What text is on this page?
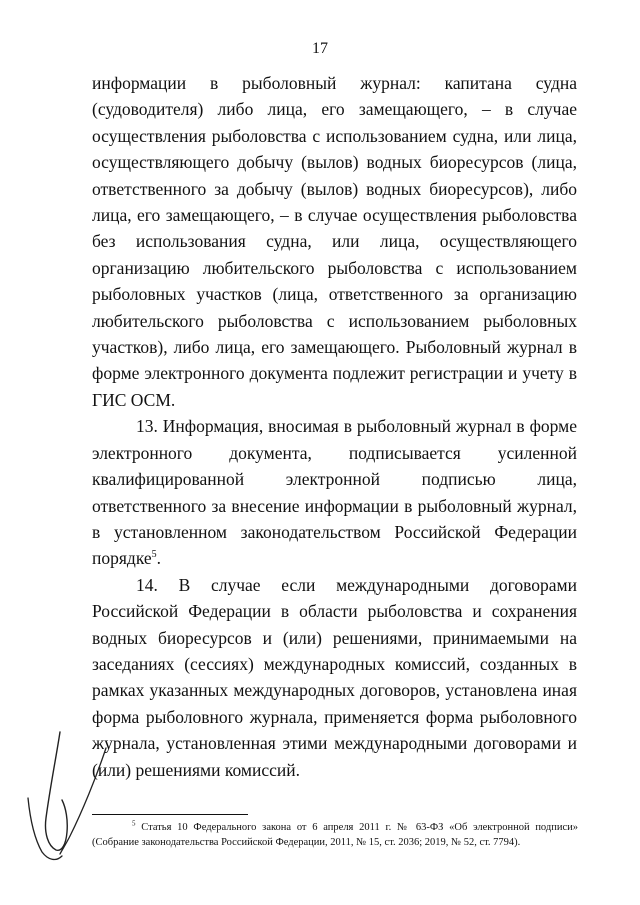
17

информации в рыболовный журнал: капитана судна (судоводителя) либо лица, его замещающего, – в случае осуществления рыболовства с использованием судна, или лица, осуществляющего добычу (вылов) водных биоресурсов (лица, ответственного за добычу (вылов) водных биоресурсов), либо лица, его замещающего, – в случае осуществления рыболовства без использования судна, или лица, осуществляющего организацию любительского рыболовства с использованием рыболовных участков (лица, ответственного за организацию любительского рыболовства с использованием рыболовных участков), либо лица, его замещающего. Рыболовный журнал в форме электронного документа подлежит регистрации и учету в ГИС ОСМ.

13. Информация, вносимая в рыболовный журнал в форме электронного документа, подписывается усиленной квалифицированной электронной подписью лица, ответственного за внесение информации в рыболовный журнал, в установленном законодательством Российской Федерации порядке$^5$.

14. В случае если международными договорами Российской Федерации в области рыболовства и сохранения водных биоресурсов и (или) решениями, принимаемыми на заседаниях (сессиях) международных комиссий, созданных в рамках указанных международных договоров, установлена иная форма рыболовного журнала, применяется форма рыболовного журнала, установленная этими международными договорами и (или) решениями комиссий.

$^5$ Статья 10 Федерального закона от 6 апреля 2011 г. № 63-ФЗ «Об электронной подписи» (Собрание законодательства Российской Федерации, 2011, № 15, ст. 2036; 2019, № 52, ст. 7794).
